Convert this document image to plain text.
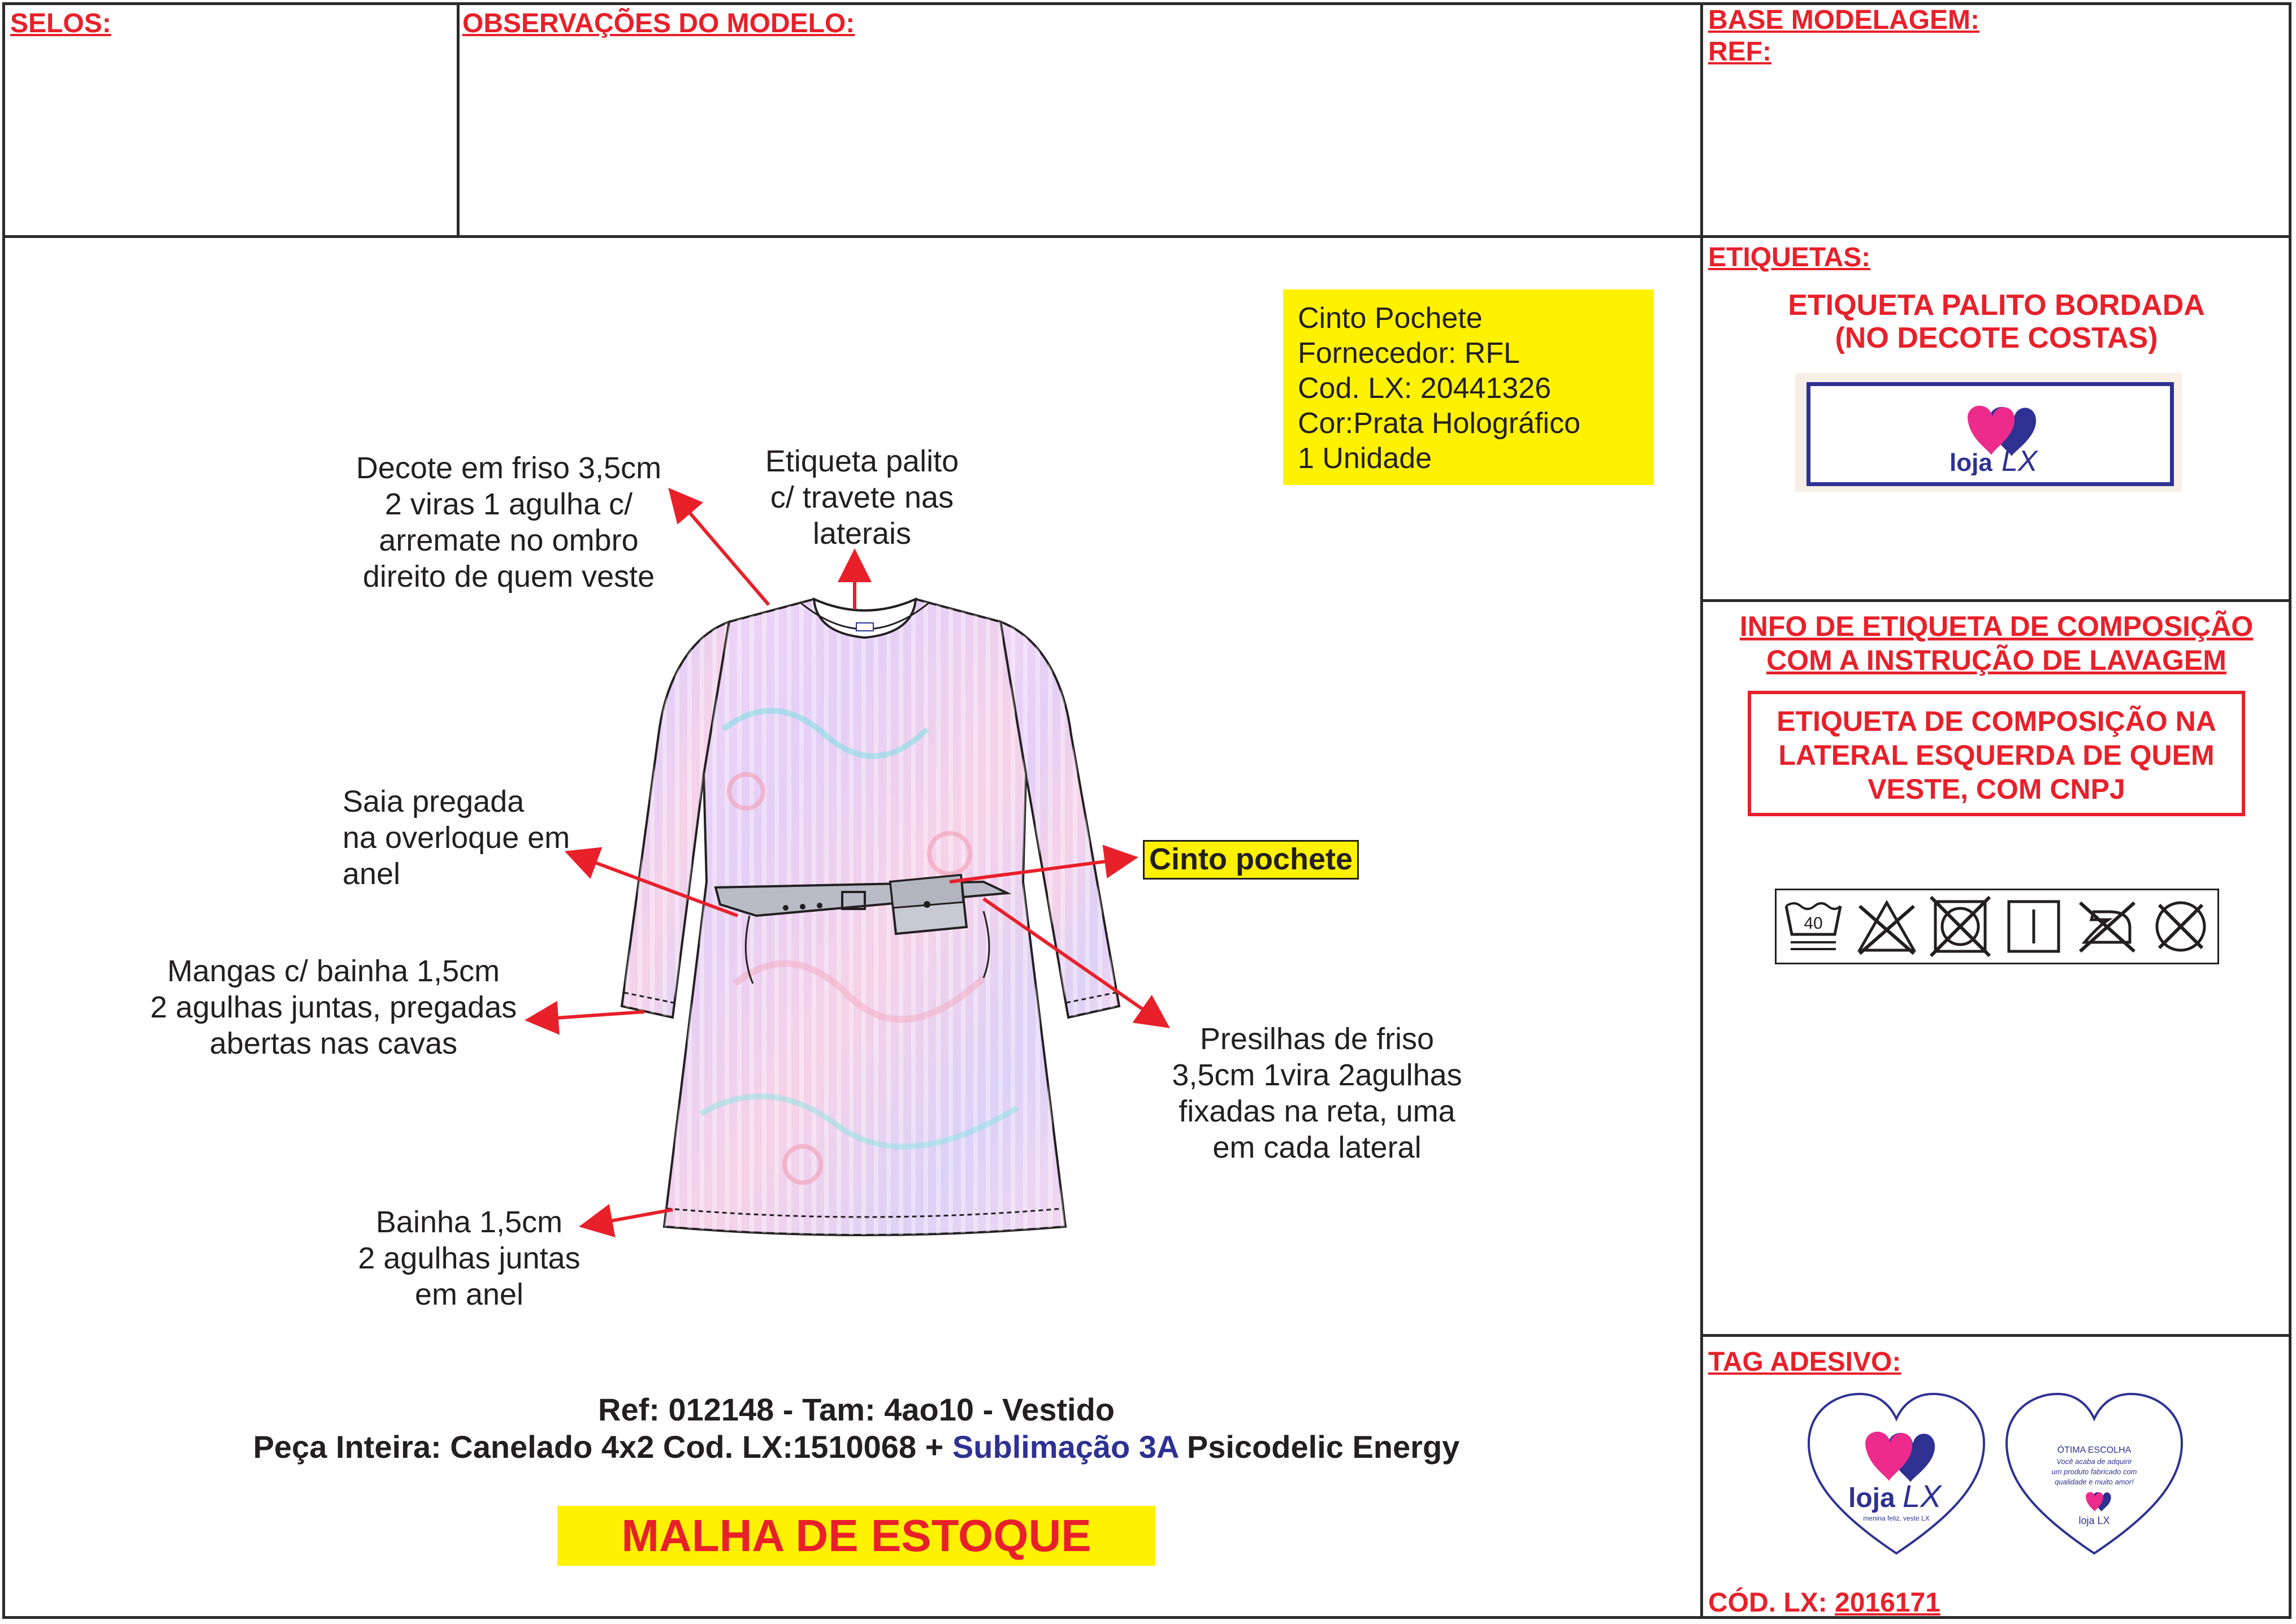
SELOS:	OBSERVAÇÕES DO MODELO:	BASE MODELAGEM:
REF:
ETIQUETAS:
ETIQUETA PALITO BORDADA
(NO DECOTE COSTAS)
loja LX
INFO DE ETIQUETA DE COMPOSIÇÃO
COM A INSTRUÇÃO DE LAVAGEM
ETIQUETA DE COMPOSIÇÃO NA
LATERAL ESQUERDA DE QUEM
VESTE, COM CNPJ
40
TAG ADESIVO:
loja LX
menina feliz, veste LX
ÓTIMA ESCOLHA
Você acaba de adquirir
um produto fabricado com
qualidade e muito amor!
loja LX
CÓD. LX: 2016171
Cinto Pochete
Fornecedor: RFL
Cod. LX: 20441326
Cor:Prata Holográfico
1 Unidade
Decote em friso 3,5cm
2 viras 1 agulha c/
arremate no ombro
direito de quem veste
Etiqueta palito
c/ travete nas
laterais
Saia pregada
na overloque em
anel	Cinto pochete
Mangas c/ bainha 1,5cm
2 agulhas juntas, pregadas
abertas nas cavas	Presilhas de friso
3,5cm 1vira 2agulhas
fixadas na reta, uma
em cada lateral
Bainha 1,5cm
2 agulhas juntas
em anel
Ref: 012148 - Tam: 4ao10 - Vestido
Peça Inteira: Canelado 4x2 Cod. LX:1510068 + Sublimação 3A Psicodelic Energy
MALHA DE ESTOQUE
